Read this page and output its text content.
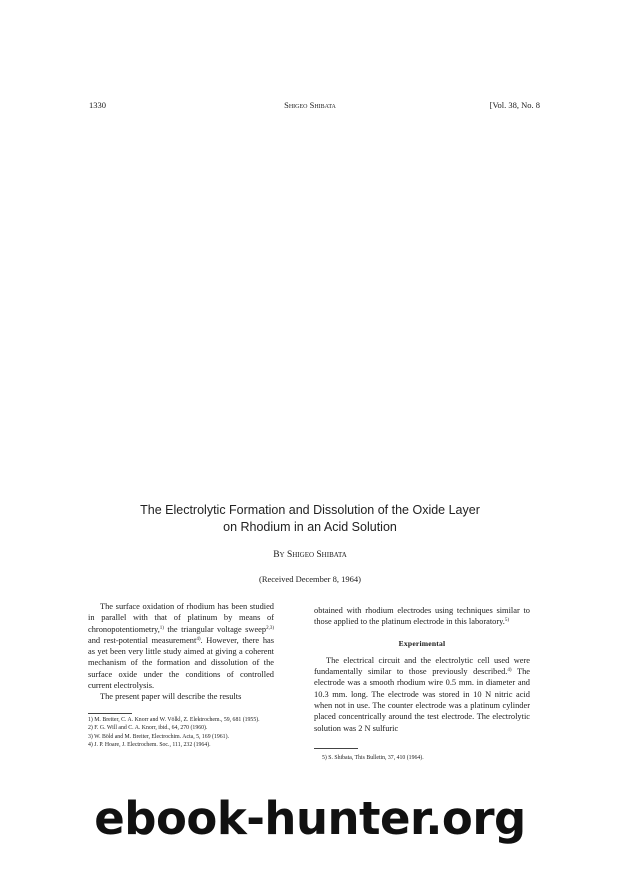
1330	Shigeo Shibata	[Vol. 38, No. 8
The Electrolytic Formation and Dissolution of the Oxide Layer
on Rhodium in an Acid Solution
By Shigeo Shibata
(Received December 8, 1964)

The surface oxidation of rhodium has been studied in parallel with that of platinum by means of chronopotentiometry,$^{1)}$ the triangular voltage sweep$^{2,3)}$ and rest-potential measurement$^{4)}$. However, there has as yet been very little study aimed at giving a coherent mechanism of the formation and dissolution of the surface oxide under the conditions of controlled current electrolysis.

The present paper will describe the results

1) M. Breiter, C. A. Knorr and W. Völkl, Z. Elektrochem., 59, 681 (1955).
2) F. G. Will and C. A. Knorr, ibid., 64, 270 (1960).
3) W. Böld and M. Breiter, Electrochim. Acta, 5, 169 (1961).
4) J. P. Hoare, J. Electrochem. Soc., 111, 232 (1964).

obtained with rhodium electrodes using techniques similar to those applied to the platinum electrode in this laboratory.$^{5)}$

Experimental

The electrical circuit and the electrolytic cell used were fundamentally similar to those previously described.$^{4)}$ The electrode was a smooth rhodium wire 0.5 mm. in diameter and 10.3 mm. long. The electrode was stored in 10 N nitric acid when not in use. The counter electrode was a platinum cylinder placed concentrically around the test electrode. The electrolytic solution was 2 N sulfuric

5) S. Shibata, This Bulletin, 37, 410 (1964).
ebook-hunter.org
